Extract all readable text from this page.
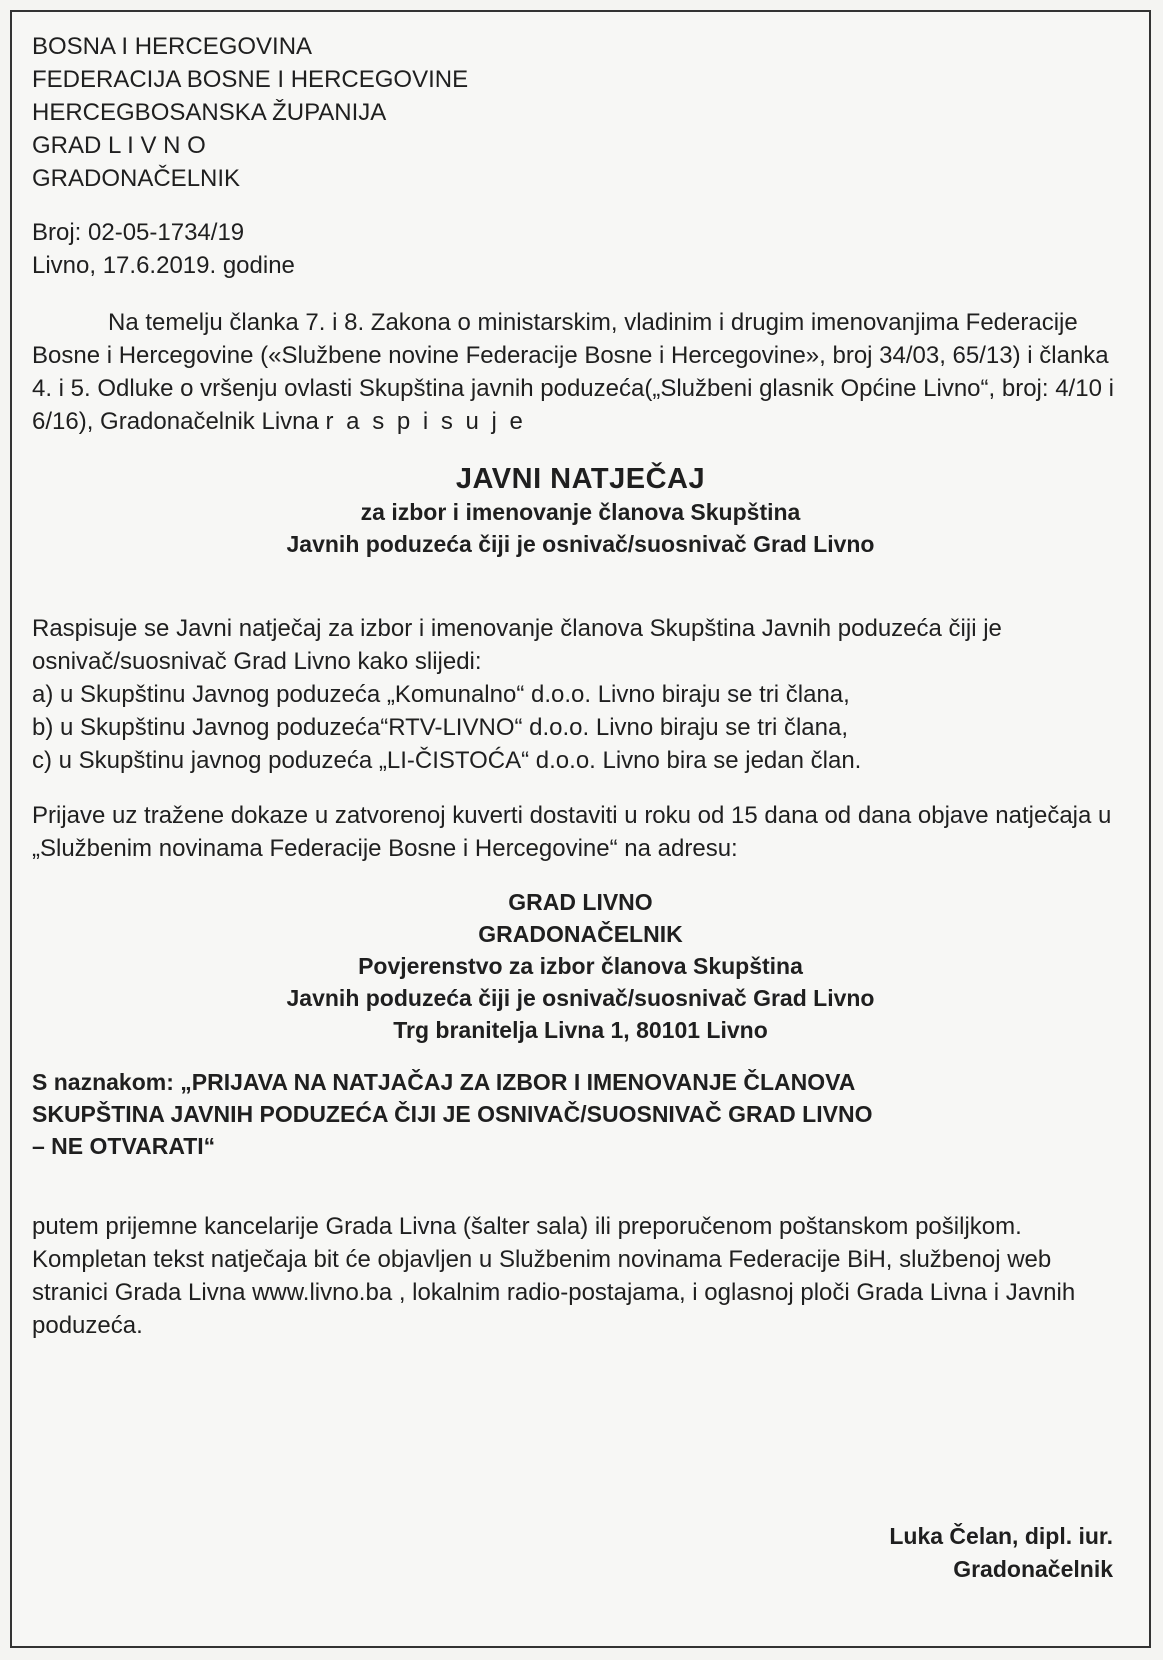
BOSNA I HERCEGOVINA
FEDERACIJA BOSNE I HERCEGOVINE
HERCEGBOSANSKA ŽUPANIJA
GRAD L I V N O
GRADONAČELNIK
Broj: 02-05-1734/19
Livno, 17.6.2019. godine

Na temelju članka 7. i 8. Zakona o ministarskim, vladinim i drugim imenovanjima Federacije Bosne i Hercegovine («Službene novine Federacije Bosne i Hercegovine», broj 34/03, 65/13) i članka 4. i 5. Odluke o vršenju ovlasti Skupština javnih poduzeća(„Službeni glasnik Općine Livno“, broj: 4/10 i 6/16), Gradonačelnik Livna r a s p i s u j e

JAVNI NATJEČAJ
za izbor i imenovanje članova Skupština
Javnih poduzeća čiji je osnivač/suosnivač Grad Livno

Raspisuje se Javni natječaj za izbor i imenovanje članova Skupština Javnih poduzeća čiji je osnivač/suosnivač Grad Livno kako slijedi:

a) u Skupštinu Javnog poduzeća „Komunalno“ d.o.o. Livno biraju se tri člana,
b) u Skupštinu Javnog poduzeća“RTV-LIVNO“ d.o.o. Livno biraju se tri člana,
c) u Skupštinu javnog poduzeća „LI-ČISTOĆA“ d.o.o. Livno bira se jedan član.

Prijave uz tražene dokaze u zatvorenoj kuverti dostaviti u roku od 15 dana od dana objave natječaja u „Službenim novinama Federacije Bosne i Hercegovine“ na adresu:

GRAD LIVNO
GRADONAČELNIK
Povjerenstvo za izbor članova Skupština
Javnih poduzeća čiji je osnivač/suosnivač Grad Livno
Trg branitelja Livna 1, 80101 Livno
S naznakom: „PRIJAVA NA NATJAČAJ ZA IZBOR I IMENOVANJE ČLANOVA
SKUPŠTINA JAVNIH PODUZEĆA ČIJI JE OSNIVAČ/SUOSNIVAČ GRAD LIVNO
– NE OTVARATI“

putem prijemne kancelarije Grada Livna (šalter sala) ili preporučenom poštanskom pošiljkom.

Kompletan tekst natječaja bit će objavljen u Službenim novinama Federacije BiH, službenoj web stranici Grada Livna www.livno.ba , lokalnim radio-postajama, i oglasnoj ploči Grada Livna i Javnih poduzeća.

Luka Čelan, dipl. iur.
Gradonačelnik
